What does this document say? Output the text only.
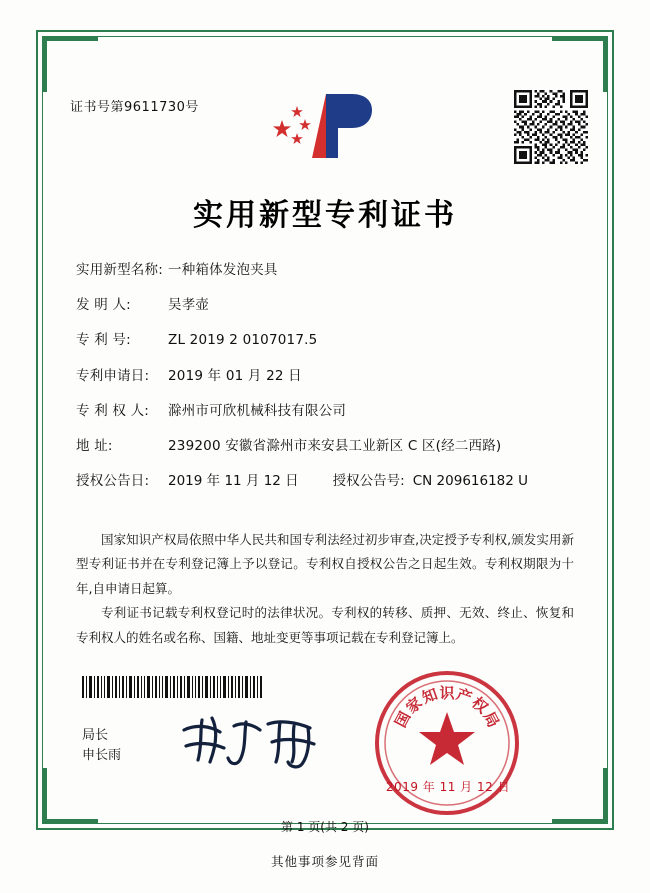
证书号第9611730号
实用新型专利证书
实用新型名称: 一种箱体发泡夹具
发 明 人:	吴孝壶
专 利 号:	ZL 2019 2 0107017.5
专利申请日:	2019 年 01 月 22 日
专 利 权 人:	滁州市可欣机械科技有限公司
地 址:	239200 安徽省滁州市来安县工业新区 C 区(经二西路)
授权公告日:	2019 年 11 月 12 日	授权公告号: CN 209616182 U

国家知识产权局依照中华人民共和国专利法经过初步审查,决定授予专利权,颁发实用新型专利证书并在专利登记簿上予以登记。专利权自授权公告之日起生效。专利权期限为十年,自申请日起算。

专利证书记载专利权登记时的法律状况。专利权的转移、质押、无效、终止、恢复和专利权人的姓名或名称、国籍、地址变更等事项记载在专利登记簿上。

局长
申长雨
国
家
知 识 产
权
局
2019 年 11 月 12 日
第 1 页(共 2 页)
其他事项参见背面
